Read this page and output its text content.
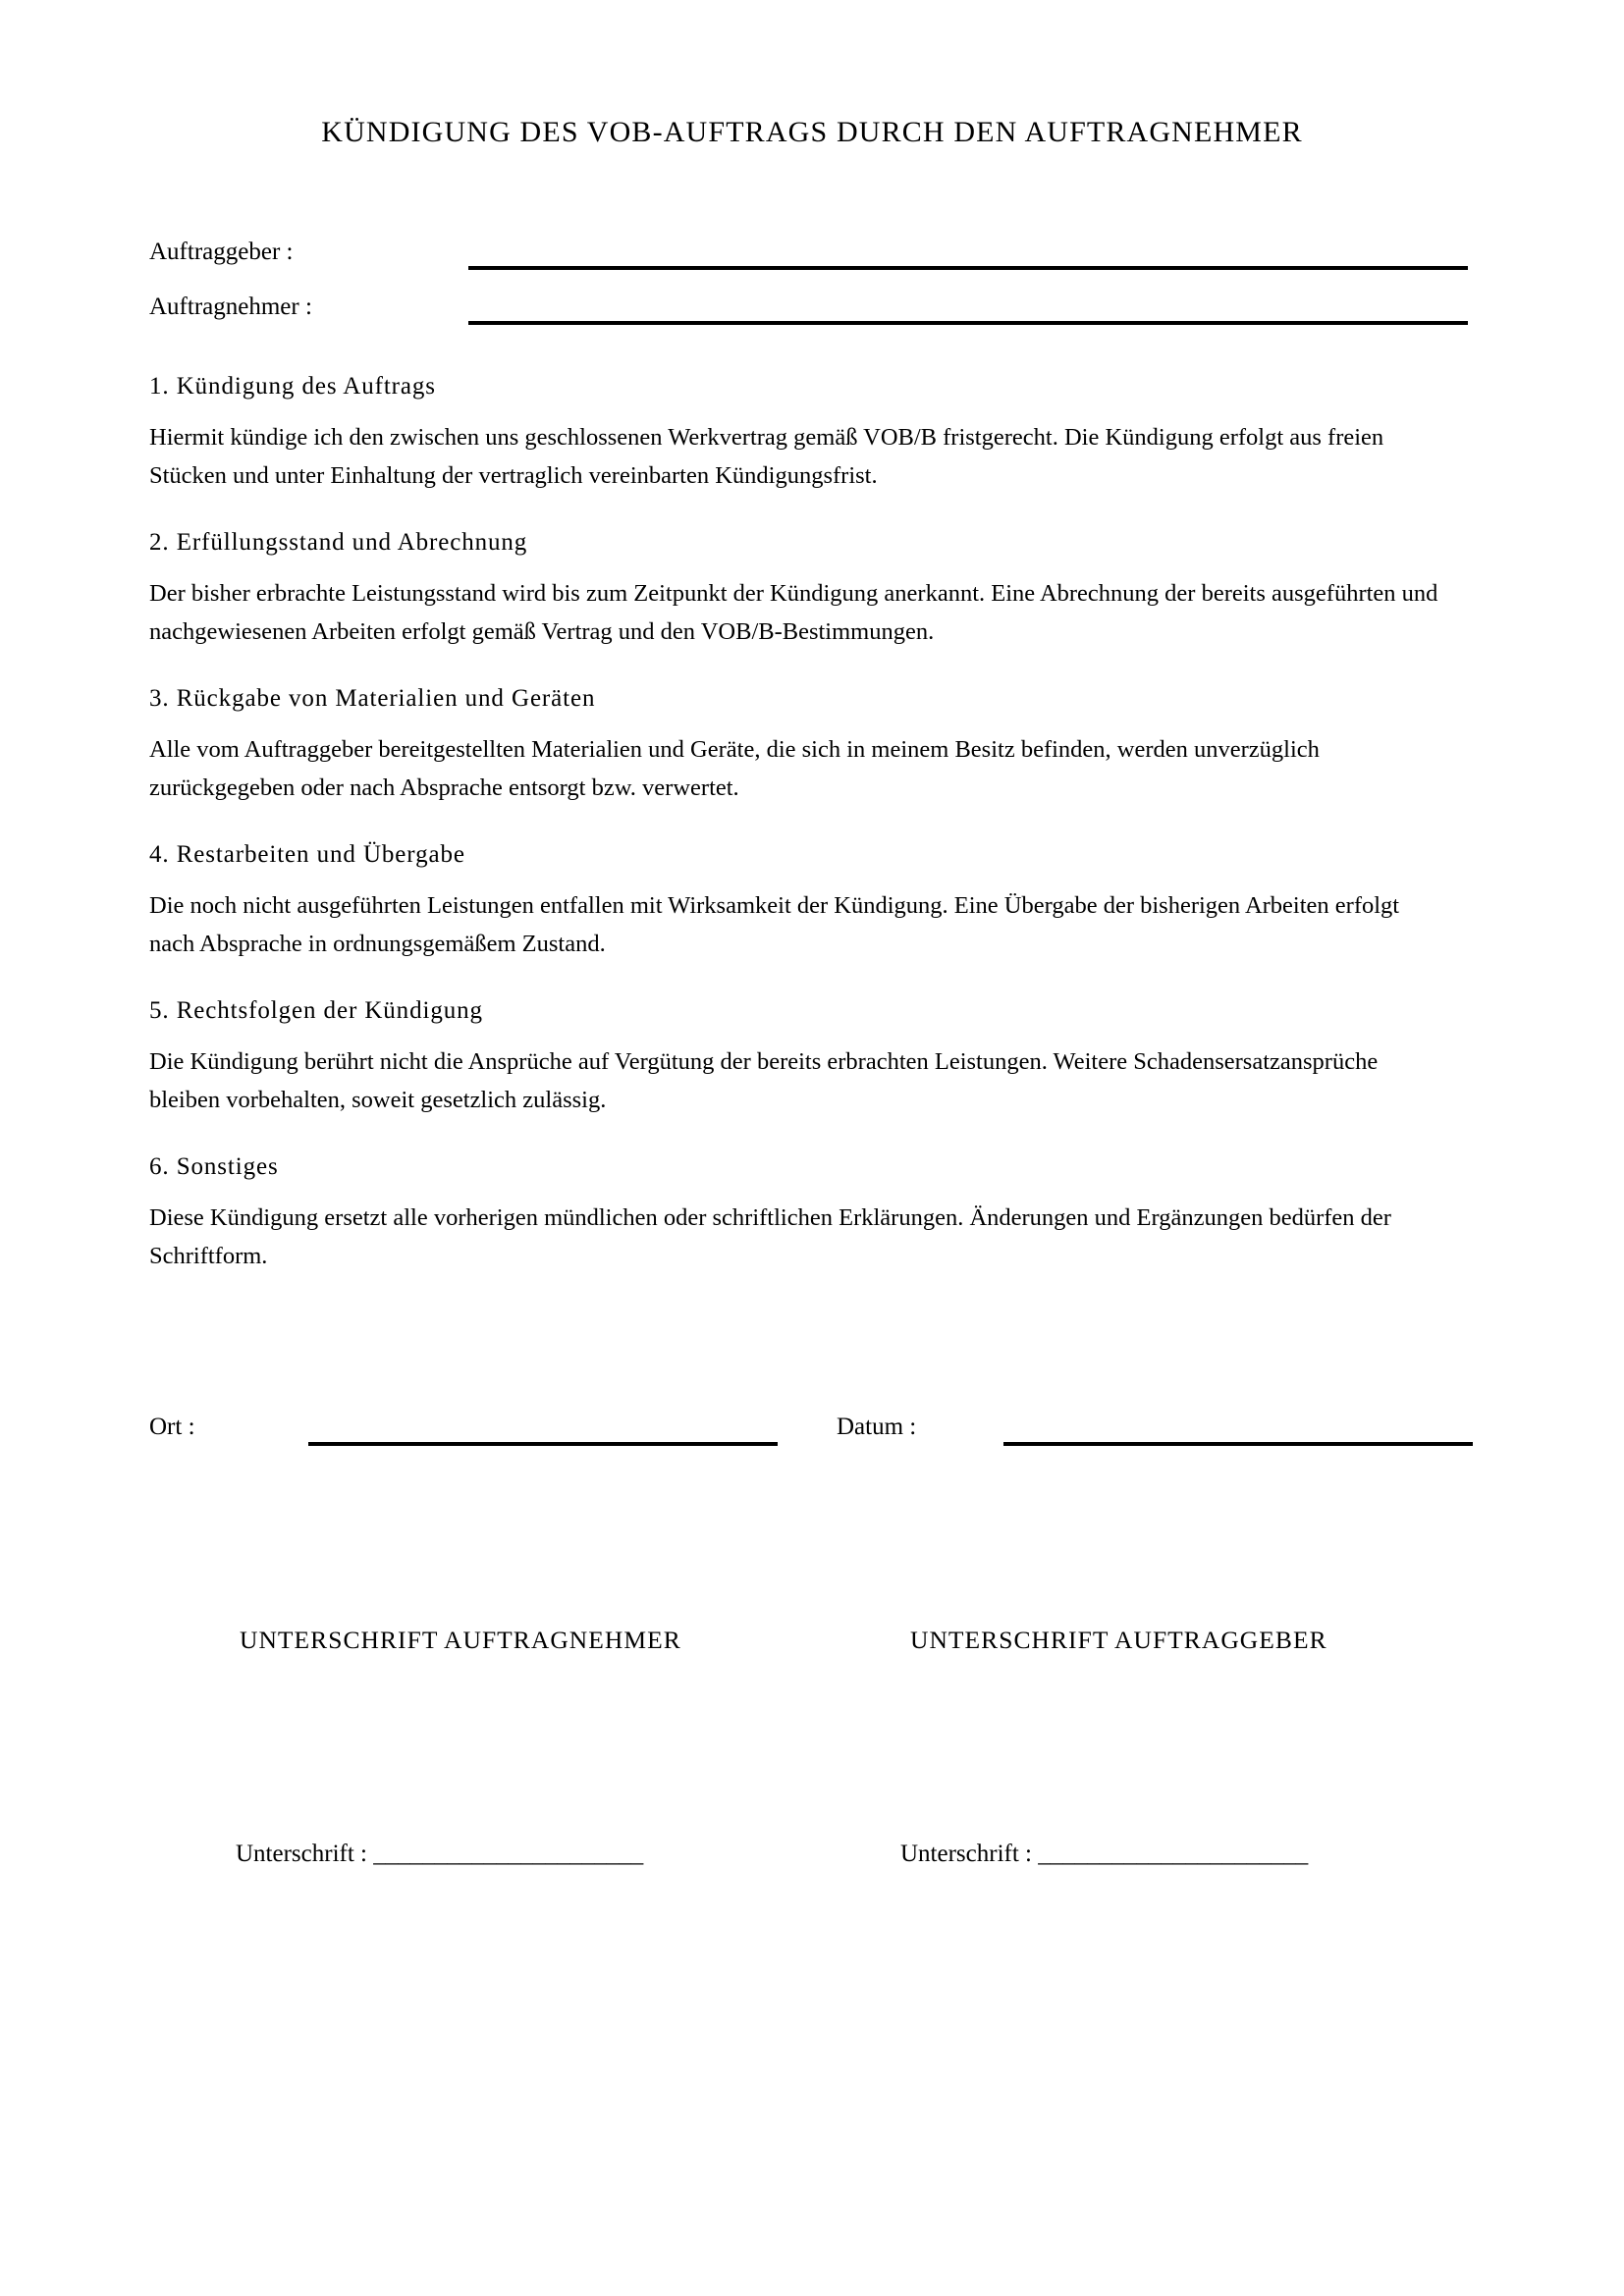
KÜNDIGUNG DES VOB-AUFTRAGS DURCH DEN AUFTRAGNEHMER
Auftraggeber :
Auftragnehmer :
1. Kündigung des Auftrags

Hiermit kündige ich den zwischen uns geschlossenen Werkvertrag gemäß VOB/B fristgerecht. Die Kündigung erfolgt aus freien Stücken und unter Einhaltung der vertraglich vereinbarten Kündigungsfrist.

2. Erfüllungsstand und Abrechnung

Der bisher erbrachte Leistungsstand wird bis zum Zeitpunkt der Kündigung anerkannt. Eine Abrechnung der bereits ausgeführten und nachgewiesenen Arbeiten erfolgt gemäß Vertrag und den VOB/B-Bestimmungen.

3. Rückgabe von Materialien und Geräten

Alle vom Auftraggeber bereitgestellten Materialien und Geräte, die sich in meinem Besitz befinden, werden unverzüglich zurückgegeben oder nach Absprache entsorgt bzw. verwertet.

4. Restarbeiten und Übergabe

Die noch nicht ausgeführten Leistungen entfallen mit Wirksamkeit der Kündigung. Eine Übergabe der bisherigen Arbeiten erfolgt nach Absprache in ordnungsgemäßem Zustand.

5. Rechtsfolgen der Kündigung

Die Kündigung berührt nicht die Ansprüche auf Vergütung der bereits erbrachten Leistungen. Weitere Schadensersatzansprüche bleiben vorbehalten, soweit gesetzlich zulässig.

6. Sonstiges

Diese Kündigung ersetzt alle vorherigen mündlichen oder schriftlichen Erklärungen. Änderungen und Ergänzungen bedürfen der Schriftform.

Ort :	Datum :
UNTERSCHRIFT AUFTRAGNEHMER	UNTERSCHRIFT AUFTRAGGEBER
Unterschrift : ______________________	Unterschrift : ______________________
